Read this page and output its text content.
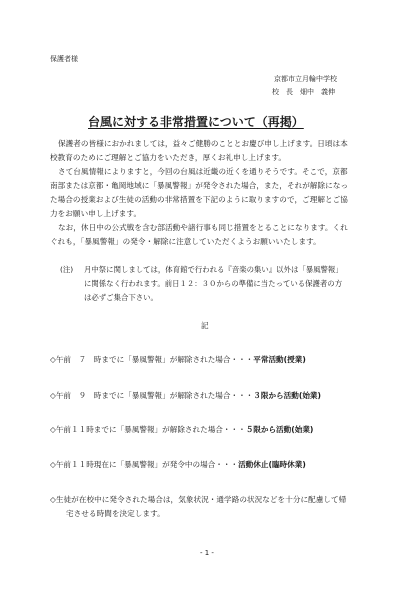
保護者様
京都市立月輪中学校
校　長　畑中　義伸
台風に対する非常措置について（再掲）
保護者の皆様におかれましては，益々ご健勝のこととお慶び申し上げます。日頃は本
校教育のためにご理解とご協力をいただき，厚くお礼申し上げます。
さて台風情報によりますと，今回の台風は近畿の近くを通りそうです。そこで，京都
南部または京都・亀岡地域に「暴風警報」が発令された場合，また，それが解除になっ
た場合の授業および生徒の活動の非常措置を下記のように取りますので，ご理解とご協
力をお願い申し上げます。
なお，休日中の公式戦を含む部活動や諸行事も同じ措置をとることになります。くれ
ぐれも，「暴風警報」の発令・解除に注意していただくようお願いいたします。
(注) 月中祭に関しましては，体育館で行われる『音楽の集い』以外は「暴風警報」
に関係なく行われます。前日１２：３０からの準備に当たっている保護者の方
は必ずご集合下さい。
記
◇午前　７　時までに「暴風警報」が解除された場合・・・平常活動(授業)
◇午前　９　時までに「暴風警報」が解除された場合・・・３限から活動(始業)
◇午前１１時までに「暴風警報」が解除された場合・・・５限から活動(始業)
◇午前１１時現在に「暴風警報」が発令中の場合・・・活動休止(臨時休業)
◇生徒が在校中に発令された場合は，気象状況・通学路の状況などを十分に配慮して帰
宅させる時間を決定します。
- 1 -
